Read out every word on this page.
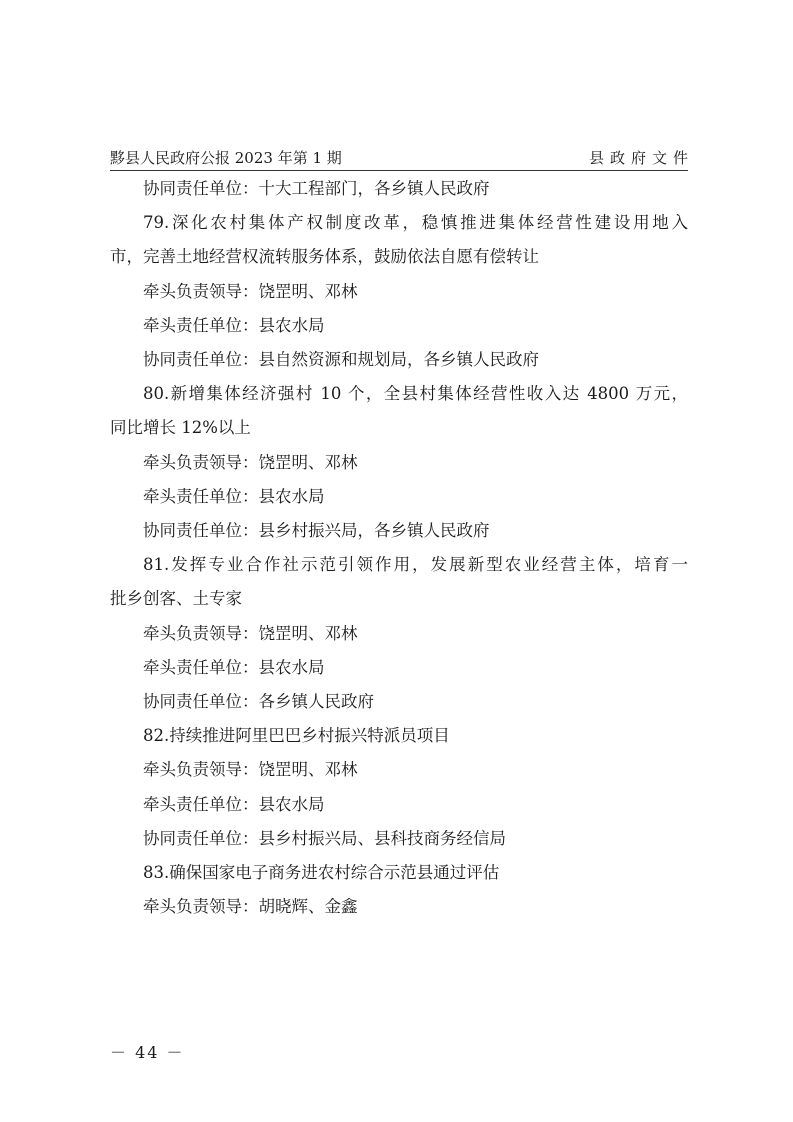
黟县人民政府公报 2023 年第 1 期	县政府文件

协同责任单位：十大工程部门，各乡镇人民政府

79.深化农村集体产权制度改革，稳慎推进集体经营性建设用地入

市，完善土地经营权流转服务体系，鼓励依法自愿有偿转让

牵头负责领导：饶罡明、邓林

牵头责任单位：县农水局

协同责任单位：县自然资源和规划局，各乡镇人民政府

80.新增集体经济强村 10 个，全县村集体经营性收入达 4800 万元，

同比增长 12%以上

牵头负责领导：饶罡明、邓林

牵头责任单位：县农水局

协同责任单位：县乡村振兴局，各乡镇人民政府

81.发挥专业合作社示范引领作用，发展新型农业经营主体，培育一

批乡创客、土专家

牵头负责领导：饶罡明、邓林

牵头责任单位：县农水局

协同责任单位：各乡镇人民政府

82.持续推进阿里巴巴乡村振兴特派员项目

牵头负责领导：饶罡明、邓林

牵头责任单位：县农水局

协同责任单位：县乡村振兴局、县科技商务经信局

83.确保国家电子商务进农村综合示范县通过评估

牵头负责领导：胡晓辉、金鑫

－ 44 －
